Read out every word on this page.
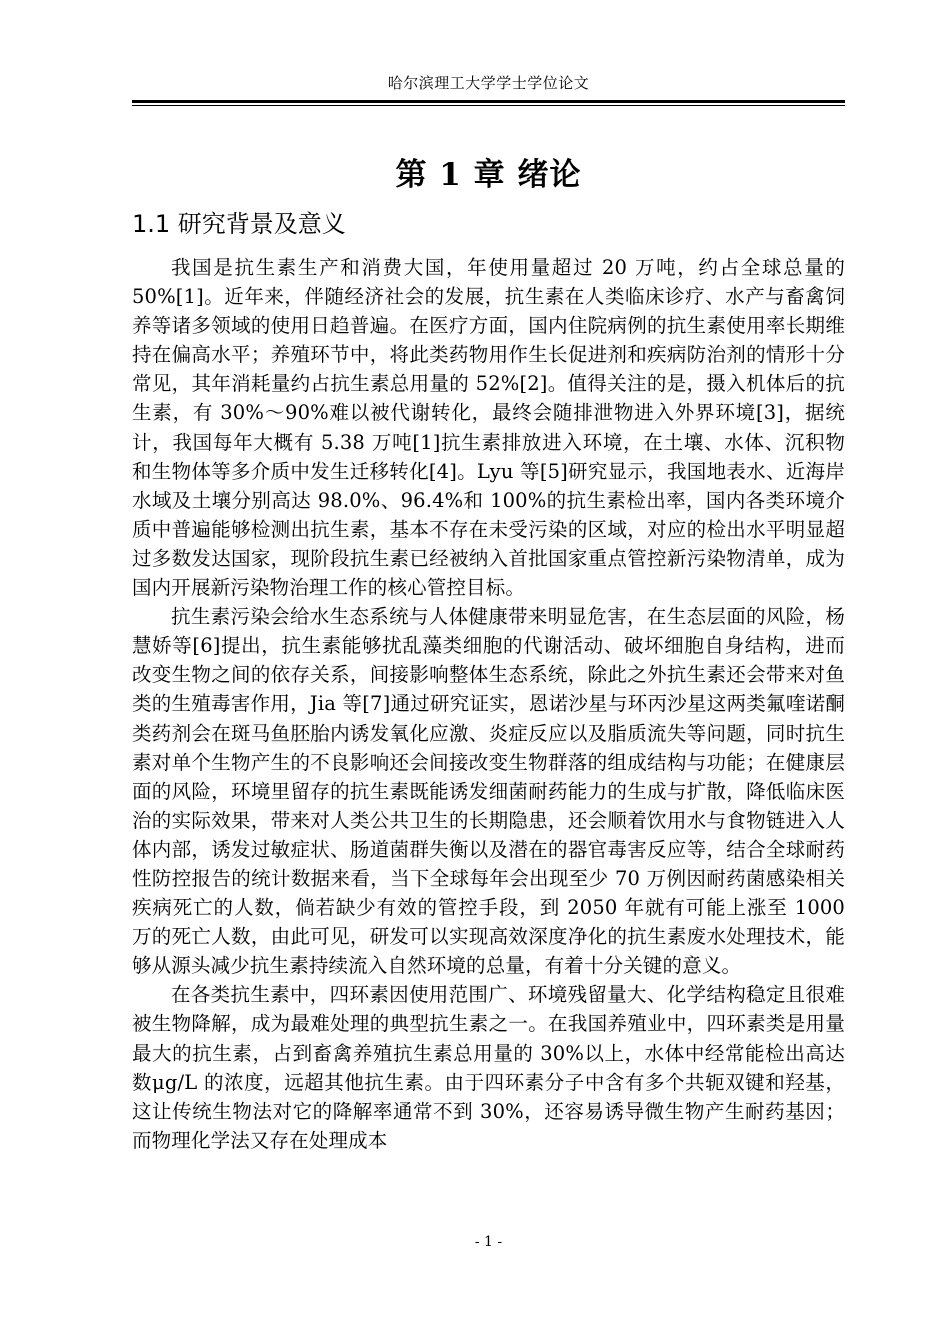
哈尔滨理工大学学士学位论文
第 1 章 绪论
1.1 研究背景及意义

我国是抗生素生产和消费大国，年使用量超过 20 万吨，约占全球总量的 50%[1]。近年来，伴随经济社会的发展，抗生素在人类临床诊疗、水产与畜禽饲养等诸多领域的使用日趋普遍。在医疗方面，国内住院病例的抗生素使用率长期维持在偏高水平；养殖环节中，将此类药物用作生长促进剂和疾病防治剂的情形十分常见，其年消耗量约占抗生素总用量的 52%[2]。值得关注的是，摄入机体后的抗生素，有 30%～90%难以被代谢转化，最终会随排泄物进入外界环境[3]，据统计，我国每年大概有 5.38 万吨[1]抗生素排放进入环境，在土壤、水体、沉积物和生物体等多介质中发生迁移转化[4]。Lyu 等[5]研究显示，我国地表水、近海岸水域及土壤分别高达 98.0%、96.4%和 100%的抗生素检出率，国内各类环境介质中普遍能够检测出抗生素，基本不存在未受污染的区域，对应的检出水平明显超过多数发达国家，现阶段抗生素已经被纳入首批国家重点管控新污染物清单，成为国内开展新污染物治理工作的核心管控目标。

抗生素污染会给水生态系统与人体健康带来明显危害，在生态层面的风险，杨慧娇等[6]提出，抗生素能够扰乱藻类细胞的代谢活动、破坏细胞自身结构，进而改变生物之间的依存关系，间接影响整体生态系统，除此之外抗生素还会带来对鱼类的生殖毒害作用，Jia 等[7]通过研究证实，恩诺沙星与环丙沙星这两类氟喹诺酮类药剂会在斑马鱼胚胎内诱发氧化应激、炎症反应以及脂质流失等问题，同时抗生素对单个生物产生的不良影响还会间接改变生物群落的组成结构与功能；在健康层面的风险，环境里留存的抗生素既能诱发细菌耐药能力的生成与扩散，降低临床医治的实际效果，带来对人类公共卫生的长期隐患，还会顺着饮用水与食物链进入人体内部，诱发过敏症状、肠道菌群失衡以及潜在的器官毒害反应等，结合全球耐药性防控报告的统计数据来看，当下全球每年会出现至少 70 万例因耐药菌感染相关疾病死亡的人数，倘若缺少有效的管控手段，到 2050 年就有可能上涨至 1000 万的死亡人数，由此可见，研发可以实现高效深度净化的抗生素废水处理技术，能够从源头减少抗生素持续流入自然环境的总量，有着十分关键的意义。

在各类抗生素中，四环素因使用范围广、环境残留量大、化学结构稳定且很难被生物降解，成为最难处理的典型抗生素之一。在我国养殖业中，四环素类是用量最大的抗生素，占到畜禽养殖抗生素总用量的 30%以上，水体中经常能检出高达数μg/L 的浓度，远超其他抗生素。由于四环素分子中含有多个共轭双键和羟基，这让传统生物法对它的降解率通常不到 30%，还容易诱导微生物产生耐药基因；而物理化学法又存在处理成本

- 1 -
